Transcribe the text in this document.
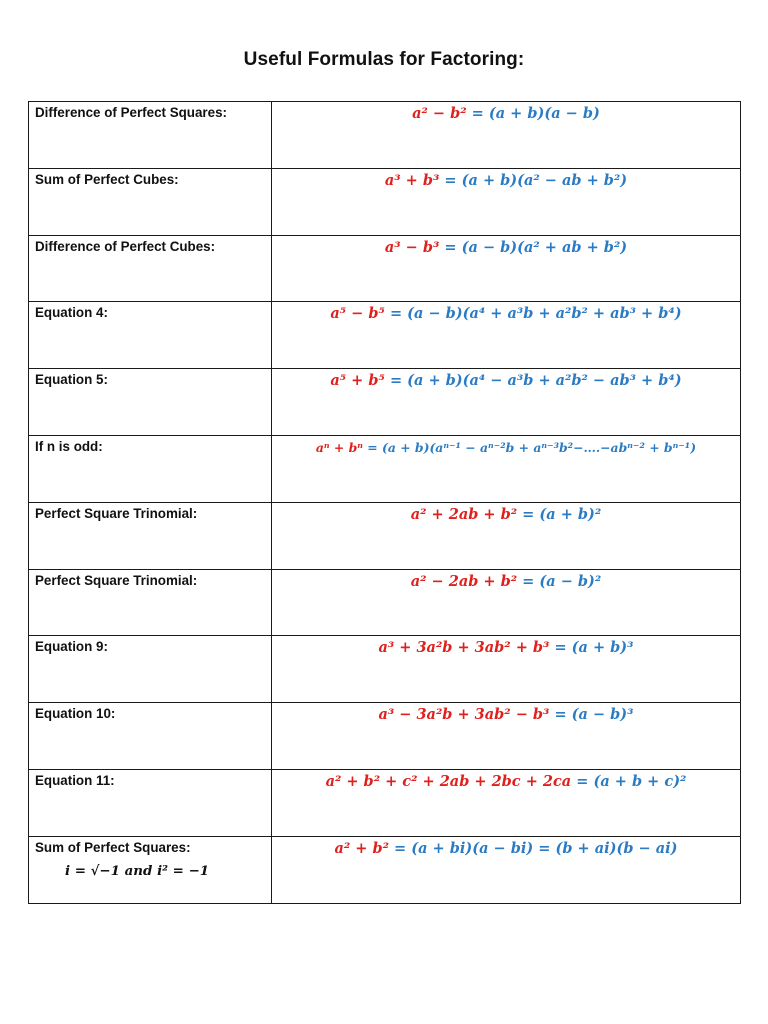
Useful Formulas for Factoring:
Difference of Perfect Squares:	a² − b² = (a + b)(a − b)
Sum of Perfect Cubes:	a³ + b³ = (a + b)(a² − ab + b²)
Difference of Perfect Cubes:	a³ − b³ = (a − b)(a² + ab + b²)
Equation 4:	a⁵ − b⁵ = (a − b)(a⁴ + a³b + a²b² + ab³ + b⁴)
Equation 5:	a⁵ + b⁵ = (a + b)(a⁴ − a³b + a²b² − ab³ + b⁴)
If n is odd:	aⁿ + bⁿ = (a + b)(aⁿ⁻¹ − aⁿ⁻²b + aⁿ⁻³b²−….−abⁿ⁻² + bⁿ⁻¹)
Perfect Square Trinomial:	a² + 2ab + b² = (a + b)²
Perfect Square Trinomial:	a² − 2ab + b² = (a − b)²
Equation 9:	a³ + 3a²b + 3ab² + b³ = (a + b)³
Equation 10:	a³ − 3a²b + 3ab² − b³ = (a − b)³
Equation 11:	a² + b² + c² + 2ab + 2bc + 2ca = (a + b + c)²
Sum of Perfect Squares:
i = √−1 and i² = −1	a² + b² = (a + bi)(a − bi) = (b + ai)(b − ai)
